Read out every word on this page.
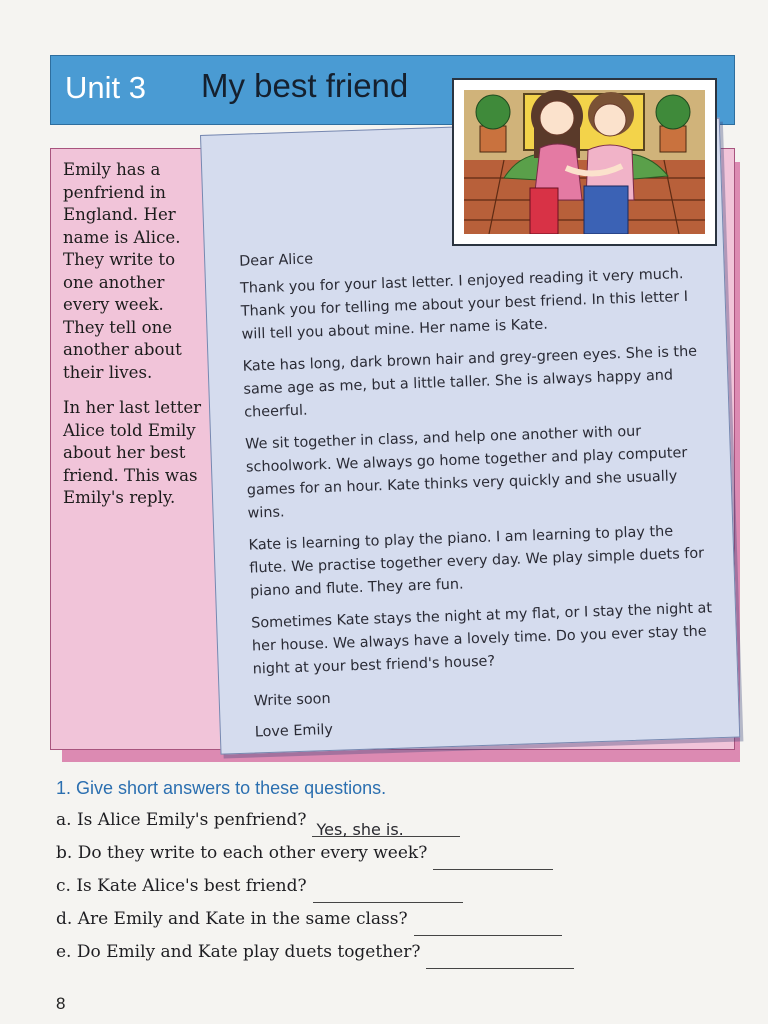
Unit 3 My best friend

Emily has a penfriend in England. Her name is Alice. They write to one another every week. They tell one another about their lives.

In her last letter Alice told Emily about her best friend. This was Emily's reply.

Dear Alice

Thank you for your last letter. I enjoyed reading it very much. Thank you for telling me about your best friend. In this letter I will tell you about mine. Her name is Kate.

Kate has long, dark brown hair and grey-green eyes. She is the same age as me, but a little taller. She is always happy and cheerful.

We sit together in class, and help one another with our schoolwork. We always go home together and play computer games for an hour. Kate thinks very quickly and she usually wins.

Kate is learning to play the piano. I am learning to play the flute. We practise together every day. We play simple duets for piano and flute. They are fun.

Sometimes Kate stays the night at my flat, or I stay the night at her house. We always have a lovely time. Do you ever stay the night at your best friend's house?

Write soon

Love Emily

1. Give short answers to these questions.
a. Is Alice Emily's penfriend? Yes, she is.
b. Do they write to each other every week?
c. Is Kate Alice's best friend?
d. Are Emily and Kate in the same class?
e. Do Emily and Kate play duets together?
8
